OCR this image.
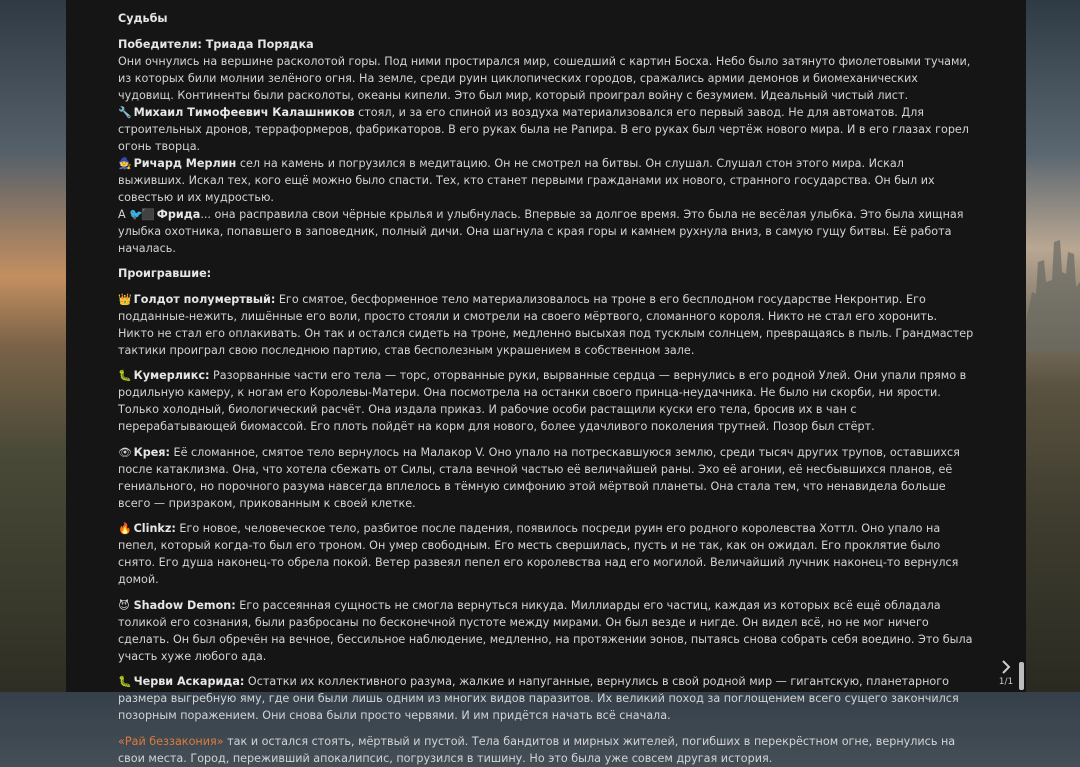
Судьбы

Победители: Триада Порядка

Они очнулись на вершине расколотой горы. Под ними простирался мир, сошедший с картин Босха. Небо было затянуто фиолетовыми тучами, из которых били молнии зелёного огня. На земле, среди руин циклопических городов, сражались армии демонов и биомеханических чудовищ. Континенты были расколоты, океаны кипели. Это был мир, который проиграл войну с безумием. Идеальный чистый лист.

🔧 Михаил Тимофеевич Калашников стоял, и за его спиной из воздуха материализовался его первый завод. Не для автоматов. Для строительных дронов, терраформеров, фабрикаторов. В его руках была не Рапира. В его руках был чертёж нового мира. И в его глазах горел огонь творца.

🧙 Ричард Мерлин сел на камень и погрузился в медитацию. Он не смотрел на битвы. Он слушал. Слушал стон этого мира. Искал выживших. Искал тех, кого ещё можно было спасти. Тех, кто станет первыми гражданами их нового, странного государства. Он был их совестью и их мудростью.

А 🐦⬛ Фрида... она расправила свои чёрные крылья и улыбнулась. Впервые за долгое время. Это была не весёлая улыбка. Это была хищная улыбка охотника, попавшего в заповедник, полный дичи. Она шагнула с края горы и камнем рухнула вниз, в самую гущу битвы. Её работа началась.

Проигравшие:

👑 Голдот полумертвый: Его смятое, бесформенное тело материализовалось на троне в его бесплодном государстве Некронтир. Его подданные-нежить, лишённые его воли, просто стояли и смотрели на своего мёртвого, сломанного короля. Никто не стал его хоронить. Никто не стал его оплакивать. Он так и остался сидеть на троне, медленно высыхая под тусклым солнцем, превращаясь в пыль. Грандмастер тактики проиграл свою последнюю партию, став бесполезным украшением в собственном зале.

🐛 Кумерликс: Разорванные части его тела — торс, оторванные руки, вырванные сердца — вернулись в его родной Улей. Они упали прямо в родильную камеру, к ногам его Королевы-Матери. Она посмотрела на останки своего принца-неудачника. Не было ни скорби, ни ярости. Только холодный, биологический расчёт. Она издала приказ. И рабочие особи растащили куски его тела, бросив их в чан с перерабатывающей биомассой. Его плоть пойдёт на корм для нового, более удачливого поколения трутней. Позор был стёрт.

👁 Крея: Её сломанное, смятое тело вернулось на Малакор V. Оно упало на потрескавшуюся землю, среди тысяч других трупов, оставшихся после катаклизма. Она, что хотела сбежать от Силы, стала вечной частью её величайшей раны. Эхо её агонии, её несбывшихся планов, её гениального, но порочного разума навсегда вплелось в тёмную симфонию этой мёртвой планеты. Она стала тем, что ненавидела больше всего — призраком, прикованным к своей клетке.

🔥 Clinkz: Его новое, человеческое тело, разбитое после падения, появилось посреди руин его родного королевства Хоттл. Оно упало на пепел, который когда-то был его троном. Он умер свободным. Его месть свершилась, пусть и не так, как он ожидал. Его проклятие было снято. Его душа наконец-то обрела покой. Ветер развеял пепел его королевства над его могилой. Величайший лучник наконец-то вернулся домой.

😈 Shadow Demon: Его рассеянная сущность не смогла вернуться никуда. Миллиарды его частиц, каждая из которых всё ещё обладала толикой его сознания, были разбросаны по бесконечной пустоте между мирами. Он был везде и нигде. Он видел всё, но не мог ничего сделать. Он был обречён на вечное, бессильное наблюдение, медленно, на протяжении эонов, пытаясь снова собрать себя воедино. Это была участь хуже любого ада.

🐛 Черви Аскарида: Остатки их коллективного разума, жалкие и напуганные, вернулись в свой родной мир — гигантскую, планетарного размера выгребную яму, где они были лишь одним из многих видов паразитов. Их великий поход за поглощением всего сущего закончился позорным поражением. Они снова были просто червями. И им придётся начать всё сначала.

«Рай беззакония» так и остался стоять, мёртвый и пустой. Тела бандитов и мирных жителей, погибших в перекрёстном огне, вернулись на свои места. Город, переживший апокалипсис, погрузился в тишину. Но это была уже совсем другая история.

1/1
